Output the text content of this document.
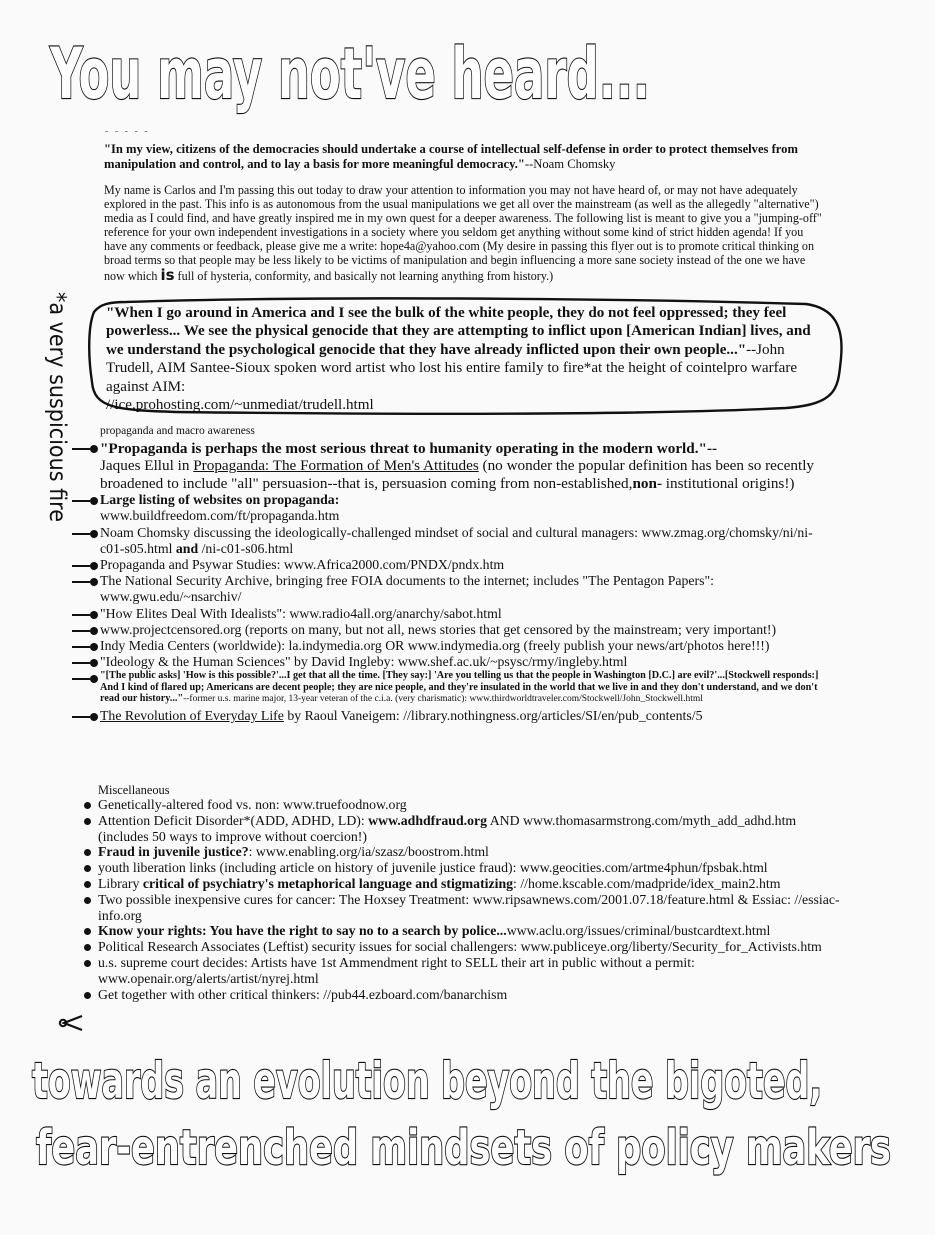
You may not've heard...

- - - - -

"In my view, citizens of the democracies should undertake a course of intellectual self-defense in order to protect themselves from manipulation and control, and to lay a basis for more meaningful democracy."--Noam Chomsky

My name is Carlos and I'm passing this out today to draw your attention to information you may not have heard of, or may not have adequately explored in the past. This info is as autonomous from the usual manipulations we get all over the mainstream (as well as the allegedly "alternative") media as I could find, and have greatly inspired me in my own quest for a deeper awareness. The following list is meant to give you a "jumping-off" reference for your own independent investigations in a society where you seldom get anything without some kind of strict hidden agenda! If you have any comments or feedback, please give me a write: hope4a@yahoo.com (My desire in passing this flyer out is to promote critical thinking on broad terms so that people may be less likely to be victims of manipulation and begin influencing a more sane society instead of the one we have now which is full of hysteria, conformity, and basically not learning anything from history.)

*a very suspicious fire "When I go around in America and I see the bulk of the white people, they do not feel oppressed; they feel powerless... We see the physical genocide that they are attempting to inflict upon [American Indian] lives, and we understand the psychological genocide that they have already inflicted upon their own people..."--John Trudell, AIM Santee-Sioux spoken word artist who lost his entire family to fire*at the height of cointelpro warfare against AIM:
//ice.prohosting.com/~unmediat/trudell.html

propaganda and macro awareness

"Propaganda is perhaps the most serious threat to humanity operating in the modern world."--
Jaques Ellul in Propaganda: The Formation of Men's Attitudes (no wonder the popular definition has been so recently broadened to include "all" persuasion--that is, persuasion coming from non-established,non- institutional origins!)
Large listing of websites on propaganda:
www.buildfreedom.com/ft/propaganda.htm
Noam Chomsky discussing the ideologically-challenged mindset of social and cultural managers: www.zmag.org/chomsky/ni/ni-c01-s05.html and /ni-c01-s06.html
Propaganda and Psywar Studies: www.Africa2000.com/PNDX/pndx.htm
The National Security Archive, bringing free FOIA documents to the internet; includes "The Pentagon Papers": www.gwu.edu/~nsarchiv/
"How Elites Deal With Idealists": www.radio4all.org/anarchy/sabot.html
www.projectcensored.org (reports on many, but not all, news stories that get censored by the mainstream; very important!)
Indy Media Centers (worldwide): la.indymedia.org OR www.indymedia.org (freely publish your news/art/photos here!!!)
"Ideology & the Human Sciences" by David Ingleby: www.shef.ac.uk/~psysc/rmy/ingleby.html
"[The public asks] 'How is this possible?'...I get that all the time. [They say:] 'Are you telling us that the people in Washington [D.C.] are evil?'...[Stockwell responds:] And I kind of flared up; Americans are decent people; they are nice people, and they're insulated in the world that we live in and they don't understand, and we don't read our history..."--former u.s. marine major, 13-year veteran of the c.i.a. (very charismatic): www.thirdworldtraveler.com/Stockwell/John_Stockwell.html
The Revolution of Everyday Life by Raoul Vaneigem: //library.nothingness.org/articles/SI/en/pub_contents/5

Miscellaneous

Genetically-altered food vs. non: www.truefoodnow.org
Attention Deficit Disorder*(ADD, ADHD, LD): www.adhdfraud.org AND www.thomasarmstrong.com/myth_add_adhd.htm (includes 50 ways to improve without coercion!)
Fraud in juvenile justice?: www.enabling.org/ia/szasz/boostrom.html
youth liberation links (including article on history of juvenile justice fraud): www.geocities.com/artme4phun/fpsbak.html
Library critical of psychiatry's metaphorical language and stigmatizing: //home.kscable.com/madpride/idex_main2.htm
Two possible inexpensive cures for cancer: The Hoxsey Treatment: www.ripsawnews.com/2001.07.18/feature.html & Essiac: //essiac-info.org
Know your rights: You have the right to say no to a search by police...www.aclu.org/issues/criminal/bustcardtext.html
Political Research Associates (Leftist) security issues for social challengers: www.publiceye.org/liberty/Security_for_Activists.htm
u.s. supreme court decides: Artists have 1st Ammendment right to SELL their art in public without a permit: www.openair.org/alerts/artist/nyrej.html
Get together with other critical thinkers: //pub44.ezboard.com/banarchism
towards an evolution beyond the bigoted,
fear-entrenched mindsets of policy makers
